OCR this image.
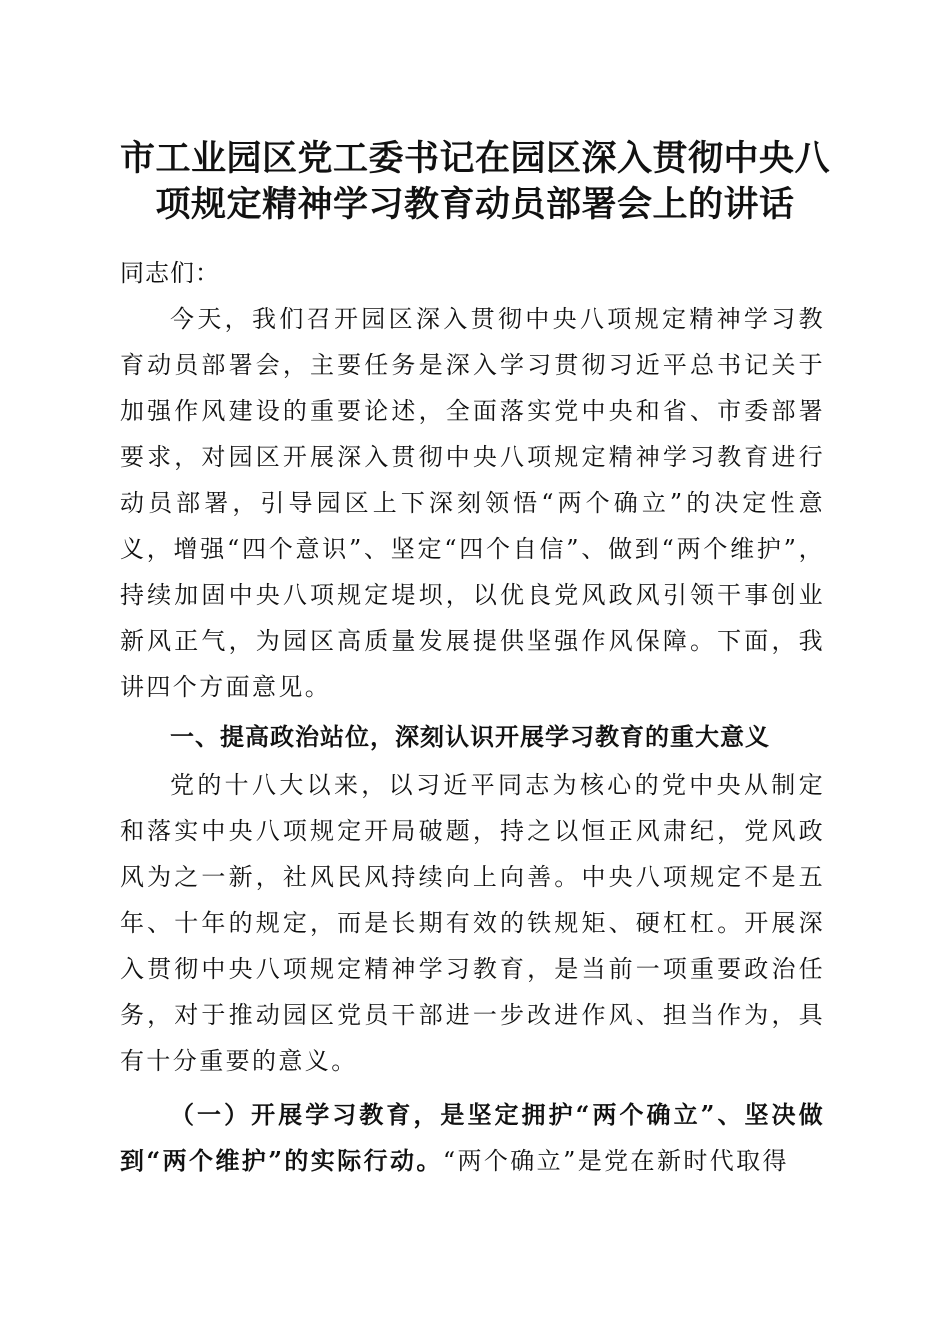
市工业园区党工委书记在园区深入贯彻中央八
项规定精神学习教育动员部署会上的讲话

同志们：

今天，我们召开园区深入贯彻中央八项规定精神学习教育动员部署会，主要任务是深入学习贯彻习近平总书记关于加强作风建设的重要论述，全面落实党中央和省、市委部署要求，对园区开展深入贯彻中央八项规定精神学习教育进行动员部署，引导园区上下深刻领悟“两个确立”的决定性意义，增强“四个意识”、坚定“四个自信”、做到“两个维护”，持续加固中央八项规定堤坝，以优良党风政风引领干事创业新风正气，为园区高质量发展提供坚强作风保障。下面，我讲四个方面意见。

一、提高政治站位，深刻认识开展学习教育的重大意义

党的十八大以来，以习近平同志为核心的党中央从制定和落实中央八项规定开局破题，持之以恒正风肃纪，党风政风为之一新，社风民风持续向上向善。中央八项规定不是五年、十年的规定，而是长期有效的铁规矩、硬杠杠。开展深入贯彻中央八项规定精神学习教育，是当前一项重要政治任务，对于推动园区党员干部进一步改进作风、担当作为，具有十分重要的意义。

（一）开展学习教育，是坚定拥护“两个确立”、坚决做到“两个维护”的实际行动。“两个确立”是党在新时代取得
